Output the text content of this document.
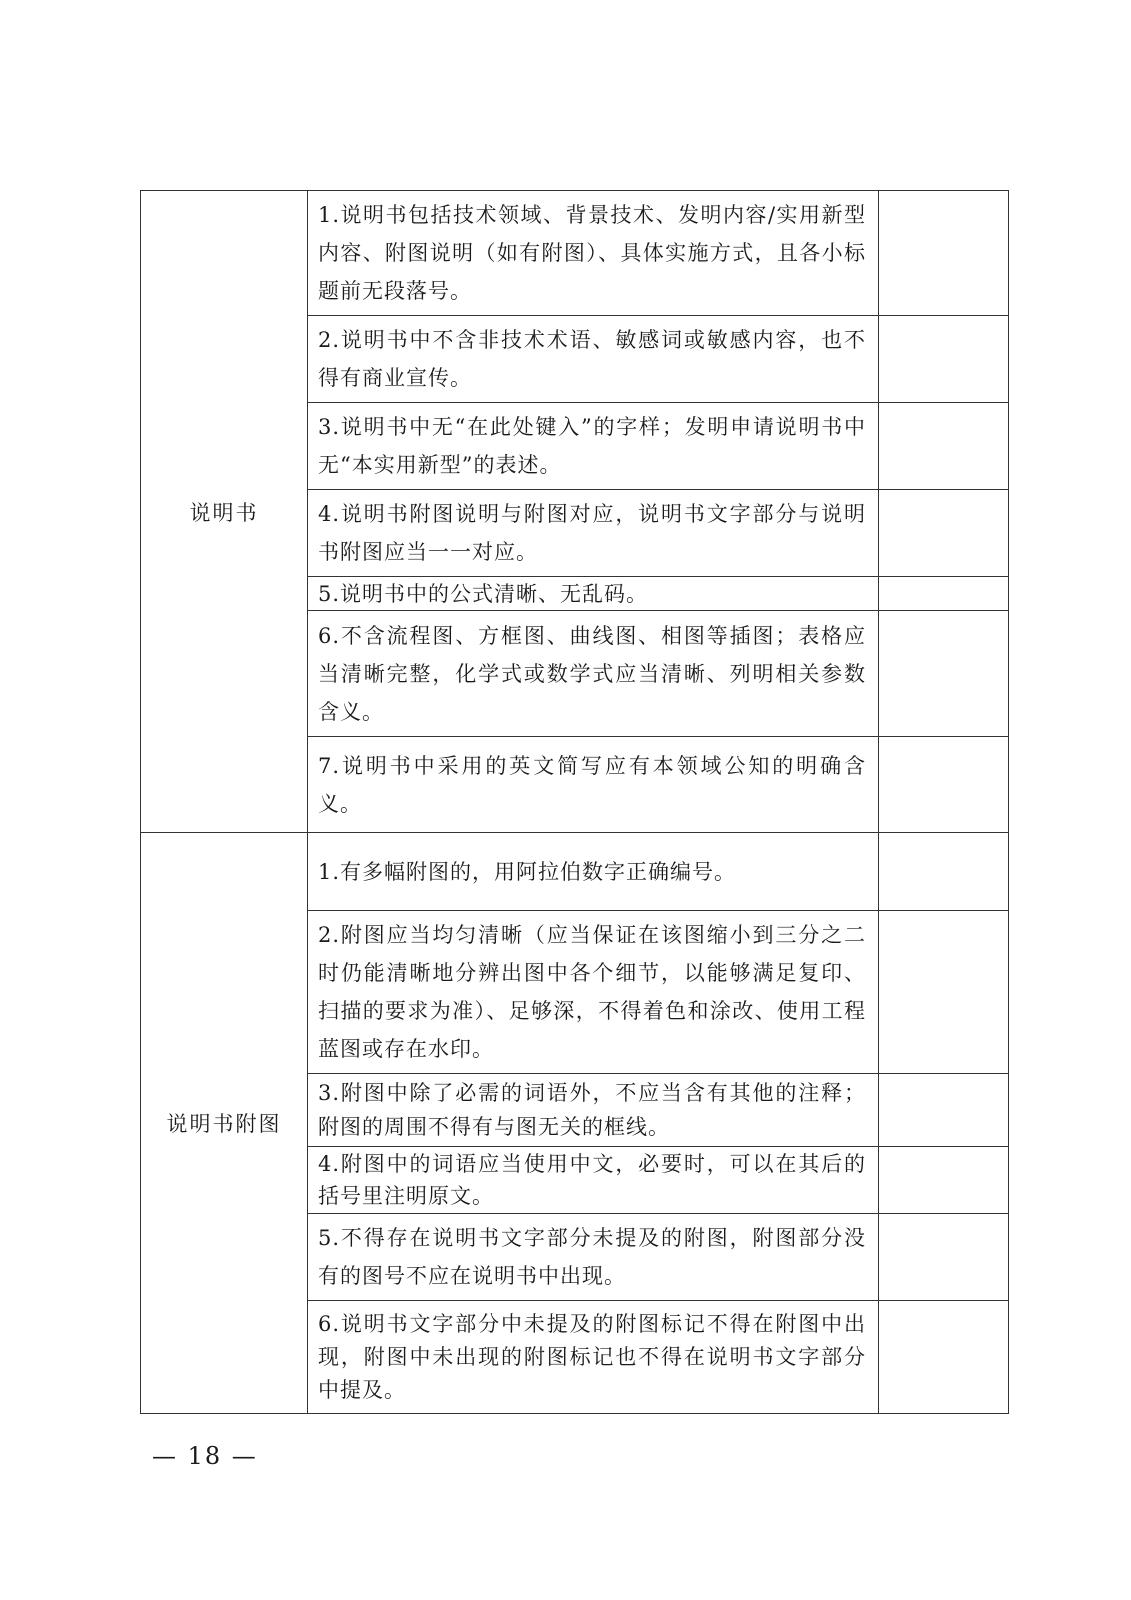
说明书	1.说明书包括技术领域、背景技术、发明内容/实用新型内容、附图说明（如有附图）、具体实施方式，且各小标题前无段落号。	
	2.说明书中不含非技术术语、敏感词或敏感内容，也不得有商业宣传。	
	3.说明书中无“在此处键入”的字样；发明申请说明书中无“本实用新型”的表述。	
	4.说明书附图说明与附图对应，说明书文字部分与说明书附图应当一一对应。	
	5.说明书中的公式清晰、无乱码。	
	6.不含流程图、方框图、曲线图、相图等插图；表格应当清晰完整，化学式或数学式应当清晰、列明相关参数含义。	
	7.说明书中采用的英文简写应有本领域公知的明确含义。	
说明书附图	1.有多幅附图的，用阿拉伯数字正确编号。	
	2.附图应当均匀清晰（应当保证在该图缩小到三分之二时仍能清晰地分辨出图中各个细节，以能够满足复印、扫描的要求为准）、足够深，不得着色和涂改、使用工程蓝图或存在水印。	
	3.附图中除了必需的词语外，不应当含有其他的注释；附图的周围不得有与图无关的框线。	
	4.附图中的词语应当使用中文，必要时，可以在其后的括号里注明原文。	
	5.不得存在说明书文字部分未提及的附图，附图部分没有的图号不应在说明书中出现。	
	6.说明书文字部分中未提及的附图标记不得在附图中出现，附图中未出现的附图标记也不得在说明书文字部分中提及。	
— 18 —
